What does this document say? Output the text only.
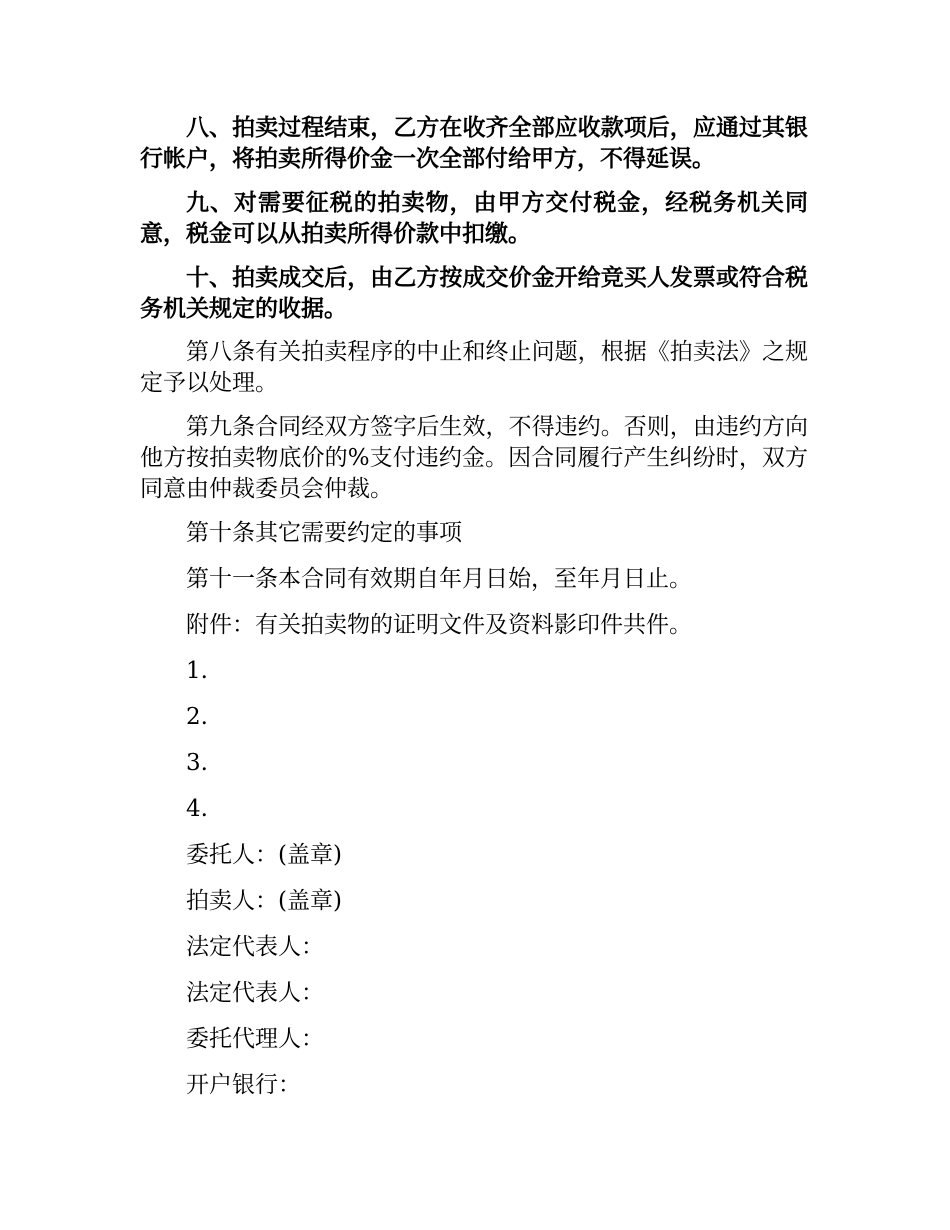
八、拍卖过程结束，乙方在收齐全部应收款项后，应通过其银行帐户，将拍卖所得价金一次全部付给甲方，不得延误。

九、对需要征税的拍卖物，由甲方交付税金，经税务机关同意，税金可以从拍卖所得价款中扣缴。

十、拍卖成交后，由乙方按成交价金开给竞买人发票或符合税务机关规定的收据。

第八条有关拍卖程序的中止和终止问题，根据《拍卖法》之规定予以处理。

第九条合同经双方签字后生效，不得违约。否则，由违约方向他方按拍卖物底价的%支付违约金。因合同履行产生纠纷时，双方同意由仲裁委员会仲裁。

第十条其它需要约定的事项
第十一条本合同有效期自年月日始，至年月日止。
附件：有关拍卖物的证明文件及资料影印件共件。
1.
2.
3.
4.
委托人：(盖章)
拍卖人：(盖章)
法定代表人：
法定代表人：
委托代理人：
开户银行：
